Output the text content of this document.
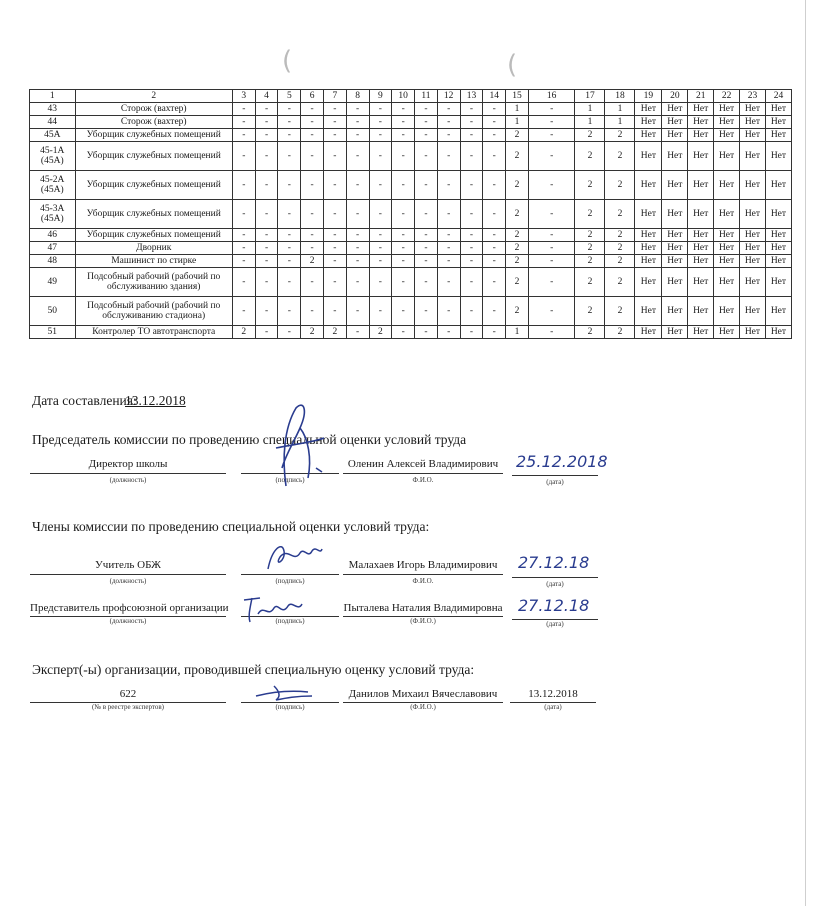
(	(
1	2	3	4	5	6	7	8	9	10	11	12	13	14	15	16	17	18	19	20	21	22	23	24
43	Сторож (вахтер)	-	-	-	-	-	-	-	-	-	-	-	-	1	-	1	1	Нет	Нет	Нет	Нет	Нет	Нет
44	Сторож (вахтер)	-	-	-	-	-	-	-	-	-	-	-	-	1	-	1	1	Нет	Нет	Нет	Нет	Нет	Нет
45А	Уборщик служебных помещений	-	-	-	-	-	-	-	-	-	-	-	-	2	-	2	2	Нет	Нет	Нет	Нет	Нет	Нет
45-1А (45А)	Уборщик служебных помещений	-	-	-	-	-	-	-	-	-	-	-	-	2	-	2	2	Нет	Нет	Нет	Нет	Нет	Нет
45-2А (45А)	Уборщик служебных помещений	-	-	-	-	-	-	-	-	-	-	-	-	2	-	2	2	Нет	Нет	Нет	Нет	Нет	Нет
45-3А (45А)	Уборщик служебных помещений	-	-	-	-	-	-	-	-	-	-	-	-	2	-	2	2	Нет	Нет	Нет	Нет	Нет	Нет
46	Уборщик служебных помещений	-	-	-	-	-	-	-	-	-	-	-	-	2	-	2	2	Нет	Нет	Нет	Нет	Нет	Нет
47	Дворник	-	-	-	-	-	-	-	-	-	-	-	-	2	-	2	2	Нет	Нет	Нет	Нет	Нет	Нет
48	Машинист по стирке	-	-	-	2	-	-	-	-	-	-	-	-	2	-	2	2	Нет	Нет	Нет	Нет	Нет	Нет
49	Подсобный рабочий (рабочий по обслуживанию здания)	-	-	-	-	-	-	-	-	-	-	-	-	2	-	2	2	Нет	Нет	Нет	Нет	Нет	Нет
50	Подсобный рабочий (рабочий по обслуживанию стадиона)	-	-	-	-	-	-	-	-	-	-	-	-	2	-	2	2	Нет	Нет	Нет	Нет	Нет	Нет
51	Контролер ТО автотранспорта	2	-	-	2	2	-	2	-	-	-	-	-	1	-	2	2	Нет	Нет	Нет	Нет	Нет	Нет
Дата составления:
13.12.2018
Председатель комиссии по проведению специальной оценки условий труда
Директор школы
(должность)	(подпись)
Оленин Алексей Владимирович
Ф.И.О.
25.12.2018
(дата)
Члены комиссии по проведению специальной оценки условий труда:
Учитель ОБЖ
(должность)	(подпись)
Малахаев Игорь Владимирович
Ф.И.О.
27.12.18
(дата)
Представитель профсоюзной организации
(должность)	(подпись)
Пыталева Наталия Владимировна
(Ф.И.О.)
27.12.18
(дата)
Эксперт(-ы) организации, проводившей специальную оценку условий труда:
622
(№ в реестре экспертов)	(подпись)
Данилов Михаил Вячеславович
(Ф.И.О.)
13.12.2018
(дата)
